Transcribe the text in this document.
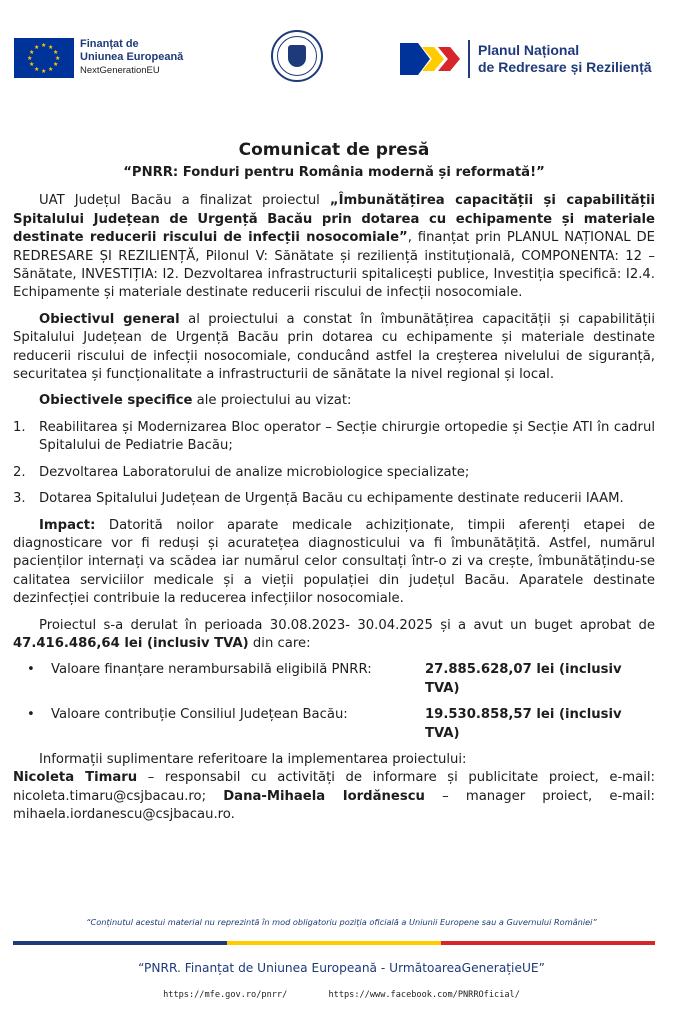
★ ★
★
★
★
★
★
★
★
★
★
★	Finanțat de
Uniunea Europeană
NextGenerationEU
Planul Național
de Redresare și Reziliență
Comunicat de presă
“PNRR: Fonduri pentru România modernă și reformată!”

UAT Județul Bacău a finalizat proiectul „Îmbunătățirea capacității și capabilității Spitalului Județean de Urgență Bacău prin dotarea cu echipamente și materiale destinate reducerii riscului de infecții nosocomiale”, finanțat prin PLANUL NAȚIONAL DE REDRESARE ȘI REZILIENȚĂ, Pilonul V: Sănătate și reziliență instituțională, COMPONENTA: 12 – Sănătate, INVESTIȚIA: I2. Dezvoltarea infrastructurii spitalicești publice, Investiția specifică: I2.4. Echipamente și materiale destinate reducerii riscului de infecții nosocomiale.

Obiectivul general al proiectului a constat în îmbunătățirea capacității și capabilității Spitalului Județean de Urgență Bacău prin dotarea cu echipamente și materiale destinate reducerii riscului de infecții nosocomiale, conducând astfel la creșterea nivelului de siguranță, securitatea și funcționalitate a infrastructurii de sănătate la nivel regional și local.

Obiectivele specifice ale proiectului au vizat:

1.	Reabilitarea și Modernizarea Bloc operator – Secție chirurgie ortopedie și Secție ATI în cadrul Spitalului de Pediatrie Bacău;
2.	Dezvoltarea Laboratorului de analize microbiologice specializate;
3.	Dotarea Spitalului Județean de Urgență Bacău cu echipamente destinate reducerii IAAM.

Impact: Datorită noilor aparate medicale achiziționate, timpii aferenți etapei de diagnosticare vor fi reduși și acuratețea diagnosticului va fi îmbunătățită. Astfel, numărul pacienților internați va scădea iar numărul celor consultați într-o zi va crește, îmbunătățindu-se calitatea serviciilor medicale și a vieții populației din județul Bacău. Aparatele destinate dezinfecției contribuie la reducerea infecțiilor nosocomiale.

Proiectul s-a derulat în perioada 30.08.2023- 30.04.2025 și a avut un buget aprobat de 47.416.486,64 lei (inclusiv TVA) din care:

•	Valoare finanțare nerambursabilă eligibilă PNRR:	27.885.628,07 lei (inclusiv TVA)
•	Valoare contribuție Consiliul Județean Bacău:	19.530.858,57 lei (inclusiv TVA)

Informații suplimentare referitoare la implementarea proiectului:

Nicoleta Timaru – responsabil cu activități de informare și publicitate proiect, e-mail: nicoleta.timaru@csjbacau.ro; Dana-Mihaela Iordănescu – manager proiect, e-mail: mihaela.iordanescu@csjbacau.ro.

“Conținutul acestui material nu reprezintă în mod obligatoriu poziția oficială a Uniunii Europene sau a Guvernului României”
“PNRR. Finanțat de Uniunea Europeană - UrmătoareaGenerațieUE”
https://mfe.gov.ro/pnrr/	https://www.facebook.com/PNRROficial/
